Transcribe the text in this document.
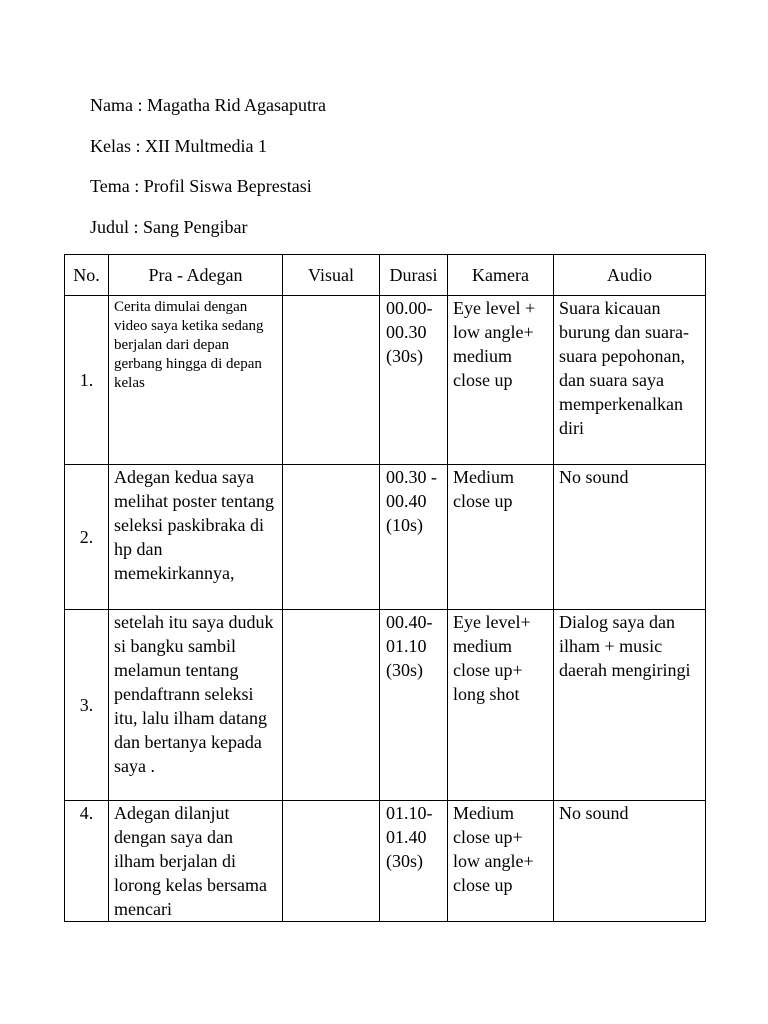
Nama : Magatha Rid Agasaputra
Kelas : XII Multmedia 1
Tema : Profil Siswa Beprestasi
Judul : Sang Pengibar
No.	Pra - Adegan	Visual	Durasi	Kamera	Audio
1.	Cerita dimulai dengan video saya ketika sedang berjalan dari depan gerbang hingga di depan kelas		00.00-00.30 (30s)	Eye level + low angle+ medium close up	Suara kicauan burung dan suara-suara pepohonan, dan suara saya memperkenalkan diri
2.	Adegan kedua saya melihat poster tentang seleksi paskibraka di hp dan memekirkannya,		00.30 - 00.40 (10s)	Medium close up	No sound
3.	setelah itu saya duduk si bangku sambil melamun tentang pendaftrann seleksi itu, lalu ilham datang dan bertanya kepada saya .		00.40-01.10 (30s)	Eye level+ medium close up+ long shot	Dialog saya dan ilham + music daerah mengiringi
4.	Adegan dilanjut dengan saya dan ilham berjalan di lorong kelas bersama mencari		01.10-01.40 (30s)	Medium close up+ low angle+ close up	No sound
